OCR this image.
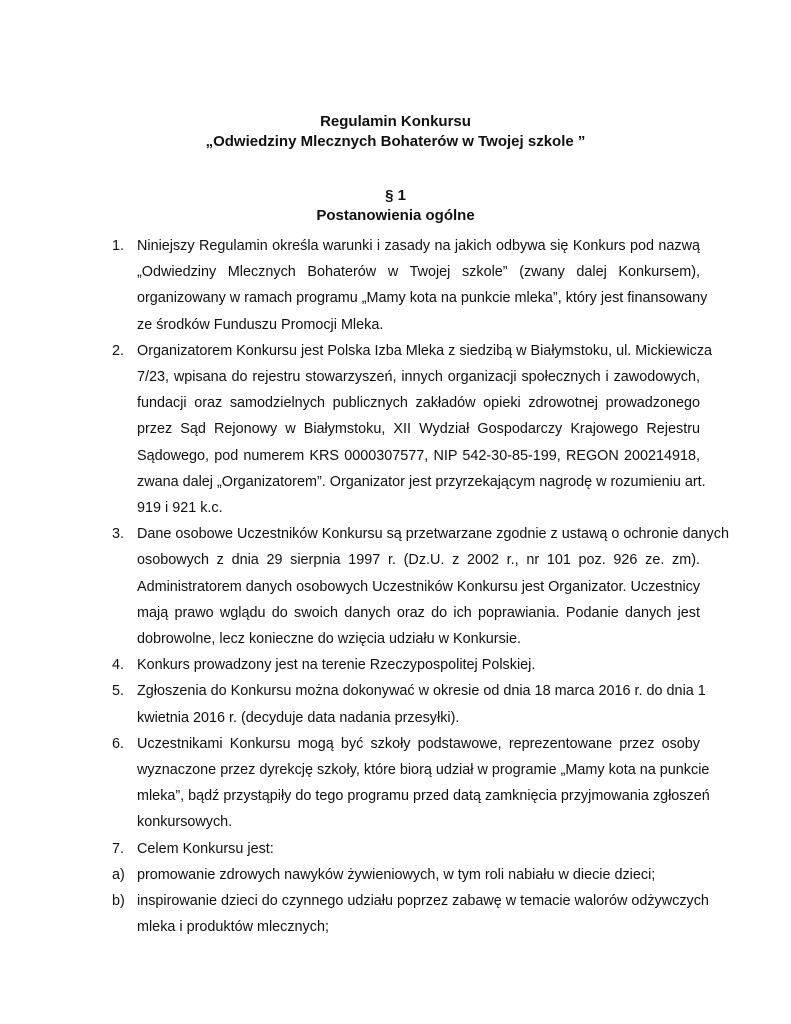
Regulamin Konkursu
„Odwiedziny Mlecznych Bohaterów w Twojej szkole ”
§ 1
Postanowienia ogólne
1. Niniejszy Regulamin określa warunki i zasady na jakich odbywa się Konkurs pod nazwą
„Odwiedziny Mlecznych Bohaterów w Twojej szkole” (zwany dalej Konkursem),
organizowany w ramach programu „Mamy kota na punkcie mleka”, który jest finansowany
ze środków Funduszu Promocji Mleka.
2. Organizatorem Konkursu jest Polska Izba Mleka z siedzibą w Białymstoku, ul. Mickiewicza
7/23, wpisana do rejestru stowarzyszeń, innych organizacji społecznych i zawodowych,
fundacji oraz samodzielnych publicznych zakładów opieki zdrowotnej prowadzonego
przez Sąd Rejonowy w Białymstoku, XII Wydział Gospodarczy Krajowego Rejestru
Sądowego, pod numerem KRS 0000307577, NIP 542-30-85-199, REGON 200214918,
zwana dalej „Organizatorem”. Organizator jest przyrzekającym nagrodę w rozumieniu art.
919 i 921 k.c.
3. Dane osobowe Uczestników Konkursu są przetwarzane zgodnie z ustawą o ochronie danych
osobowych z dnia 29 sierpnia 1997 r. (Dz.U. z 2002 r., nr 101 poz. 926 ze. zm).
Administratorem danych osobowych Uczestników Konkursu jest Organizator. Uczestnicy
mają prawo wglądu do swoich danych oraz do ich poprawiania. Podanie danych jest
dobrowolne, lecz konieczne do wzięcia udziału w Konkursie.
4. Konkurs prowadzony jest na terenie Rzeczypospolitej Polskiej.
5. Zgłoszenia do Konkursu można dokonywać w okresie od dnia 18 marca 2016 r. do dnia 1
kwietnia 2016 r. (decyduje data nadania przesyłki).
6. Uczestnikami Konkursu mogą być szkoły podstawowe, reprezentowane przez osoby
wyznaczone przez dyrekcję szkoły, które biorą udział w programie „Mamy kota na punkcie
mleka”, bądź przystąpiły do tego programu przed datą zamknięcia przyjmowania zgłoszeń
konkursowych.
7. Celem Konkursu jest:
a) promowanie zdrowych nawyków żywieniowych, w tym roli nabiału w diecie dzieci;
b) inspirowanie dzieci do czynnego udziału poprzez zabawę w temacie walorów odżywczych
mleka i produktów mlecznych;
